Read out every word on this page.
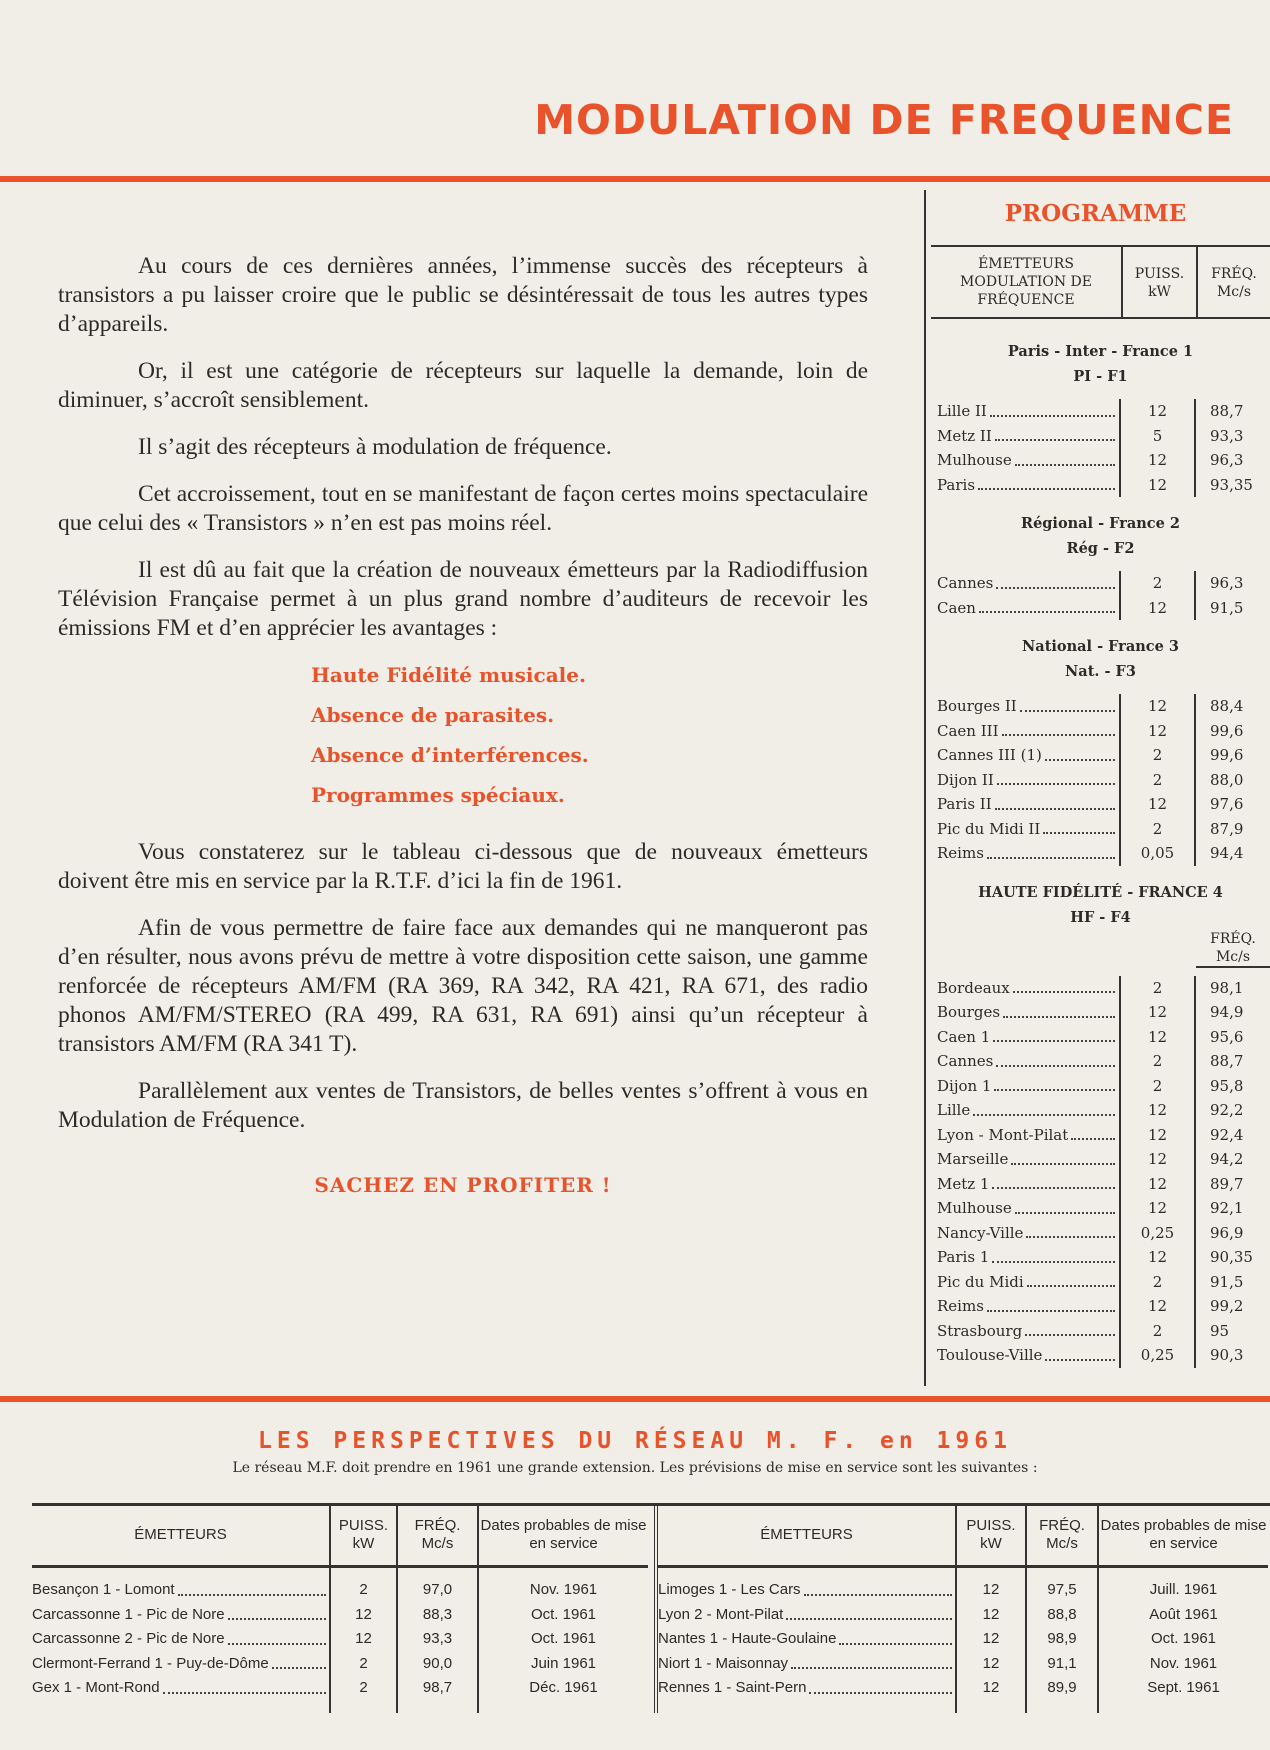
MODULATION DE FREQUENCE

Au cours de ces dernières années, l’immense succès des récepteurs à transistors a pu laisser croire que le public se désintéressait de tous les autres types d’appareils.

Or, il est une catégorie de récepteurs sur laquelle la demande, loin de diminuer, s’accroît sensiblement.

Il s’agit des récepteurs à modulation de fréquence.

Cet accroissement, tout en se manifestant de façon certes moins spectaculaire que celui des « Transistors » n’en est pas moins réel.

Il est dû au fait que la création de nouveaux émetteurs par la Radiodiffusion Télévision Française permet à un plus grand nombre d’auditeurs de recevoir les émissions FM et d’en apprécier les avantages :

Haute Fidélité musicale.

Absence de parasites.

Absence d’interférences.

Programmes spéciaux.

Vous constaterez sur le tableau ci-dessous que de nouveaux émetteurs doivent être mis en service par la R.T.F. d’ici la fin de 1961.

Afin de vous permettre de faire face aux demandes qui ne manqueront pas d’en résulter, nous avons prévu de mettre à votre disposition cette saison, une gamme renforcée de récepteurs AM/FM (RA 369, RA 342, RA 421, RA 671, des radio phonos AM/FM/STEREO (RA 499, RA 631, RA 691) ainsi qu’un récepteur à transistors AM/FM (RA 341 T).

Parallèlement aux ventes de Transistors, de belles ventes s’offrent à vous en Modulation de Fréquence.

SACHEZ EN PROFITER !

PROGRAMME
ÉMETTEURS MODULATION DE FRÉQUENCE
PUISS. kW
FRÉQ. Mc/s
Paris - Inter - France 1
PI - F1
Lille II	12	88,7
Metz II	5	93,3
Mulhouse	12	96,3
Paris	12	93,35
Régional - France 2
Rég - F2
Cannes	2	96,3
Caen	12	91,5
National - France 3
Nat. - F3
Bourges II	12	88,4
Caen III	12	99,6
Cannes III (1)	2	99,6
Dijon II	2	88,0
Paris II	12	97,6
Pic du Midi II	2	87,9
Reims	0,05	94,4
HAUTE FIDÉLITÉ - FRANCE 4
HF - F4
FRÉQ. Mc/s
Bordeaux	2	98,1
Bourges	12	94,9
Caen 1	12	95,6
Cannes	2	88,7
Dijon 1	2	95,8
Lille	12	92,2
Lyon - Mont-Pilat	12	92,4
Marseille	12	94,2
Metz 1	12	89,7
Mulhouse	12	92,1
Nancy-Ville	0,25	96,9
Paris 1	12	90,35
Pic du Midi	2	91,5
Reims	12	99,2
Strasbourg	2	95
Toulouse-Ville	0,25	90,3
LES PERSPECTIVES DU RÉSEAU M. F. en 1961
Le réseau M.F. doit prendre en 1961 une grande extension. Les prévisions de mise en service sont les suivantes :
ÉMETTEURS	PUISS. kW	FRÉQ. Mc/s	Dates probables de mise en service

Besançon 1 - Lomont	2	97,0	Nov. 1961

Carcassonne 1 - Pic de Nore	12	88,3	Oct. 1961

Carcassonne 2 - Pic de Nore	12	93,3	Oct. 1961

Clermont-Ferrand 1 - Puy-de-Dôme	2	90,0	Juin 1961

Gex 1 - Mont-Rond	2	98,7	Déc. 1961

ÉMETTEURS	PUISS. kW	FRÉQ. Mc/s	Dates probables de mise en service

Limoges 1 - Les Cars	12	97,5	Juill. 1961

Lyon 2 - Mont-Pilat	12	88,8	Août 1961

Nantes 1 - Haute-Goulaine	12	98,9	Oct. 1961

Niort 1 - Maisonnay	12	91,1	Nov. 1961

Rennes 1 - Saint-Pern	12	89,9	Sept. 1961
